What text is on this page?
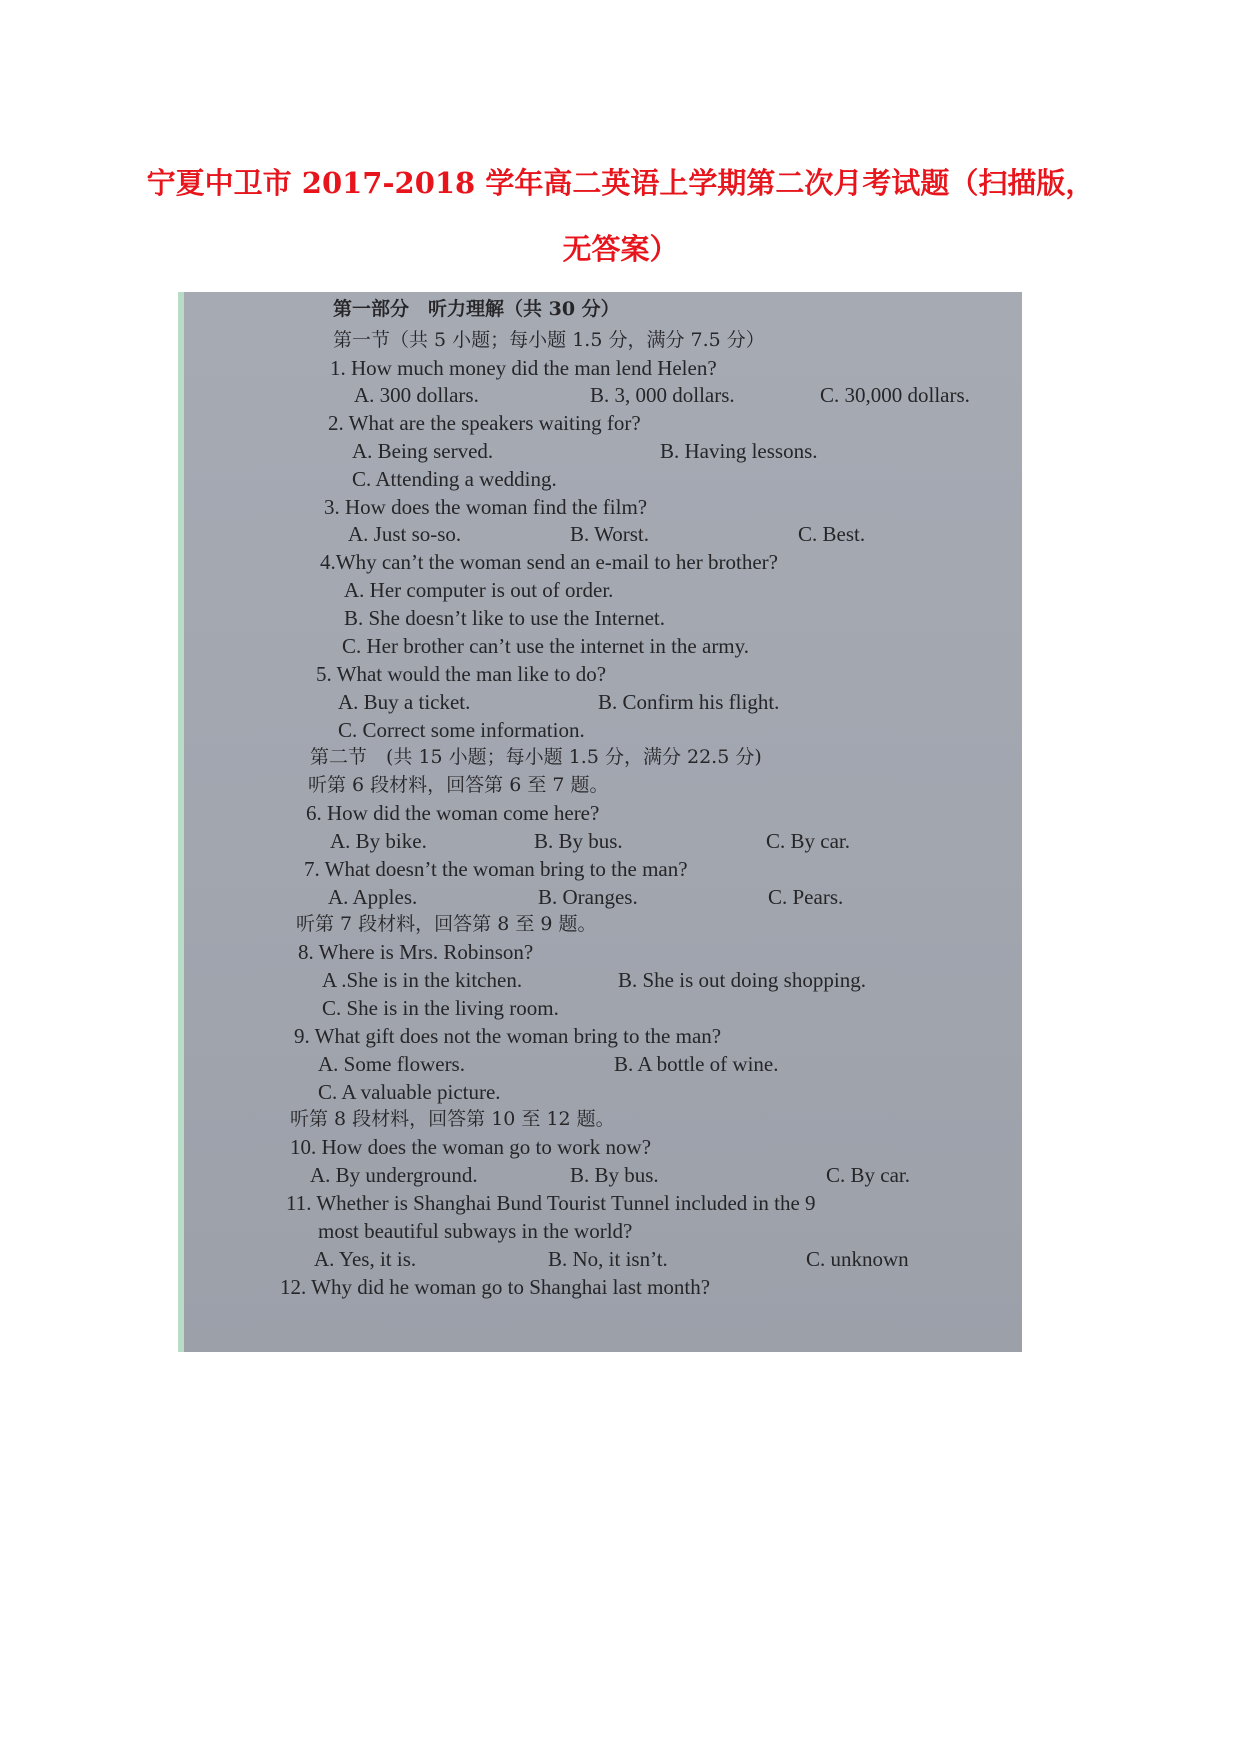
宁夏中卫市 2017-2018 学年高二英语上学期第二次月考试题（扫描版，
无答案）
第一部分　听力理解（共 30 分）
第一节（共 5 小题；每小题 1.5 分，满分 7.5 分）
1. How much money did the man lend Helen?
A. 300 dollars.	B. 3, 000 dollars.	C. 30,000 dollars.
2. What are the speakers waiting for?
A. Being served.	B. Having lessons.
C. Attending a wedding.
3. How does the woman find the film?
A. Just so-so.	B. Worst.	C. Best.
4.Why can’t the woman send an e-mail to her brother?
A. Her computer is out of order.
B. She doesn’t like to use the Internet.
C. Her brother can’t use the internet in the army.
5. What would the man like to do?
A. Buy a ticket.	B. Confirm his flight.
C. Correct some information.
第二节　(共 15 小题；每小题 1.5 分，满分 22.5 分)
听第 6 段材料，回答第 6 至 7 题。
6. How did the woman come here?
A. By bike.	B. By bus.	C. By car.
7. What doesn’t the woman bring to the man?
A. Apples.	B. Oranges.	C. Pears.
听第 7 段材料，回答第 8 至 9 题。
8. Where is Mrs. Robinson?
A .She is in the kitchen.	B. She is out doing shopping.
C. She is in the living room.
9. What gift does not the woman bring to the man?
A. Some flowers.	B. A bottle of wine.
C. A valuable picture.
听第 8 段材料，回答第 10 至 12 题。
10. How does the woman go to work now?
A. By underground.	B. By bus.	C. By car.
11. Whether is Shanghai Bund Tourist Tunnel included in the 9
most beautiful subways in the world?
A. Yes, it is.	B. No, it isn’t.	C. unknown
12. Why did he woman go to Shanghai last month?
